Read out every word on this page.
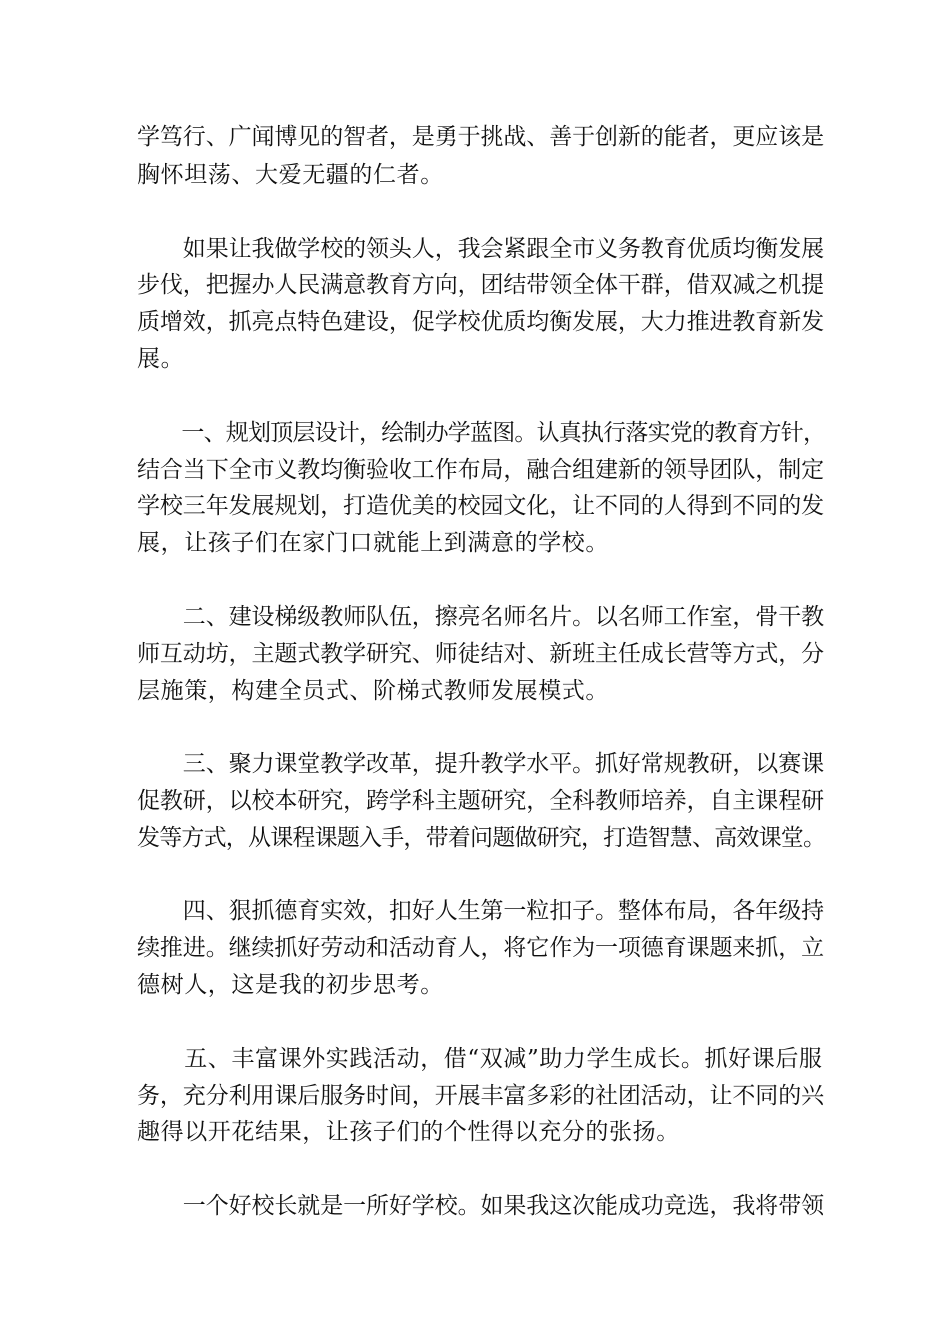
学笃行、广闻博见的智者，是勇于挑战、善于创新的能者，更应该是

胸怀坦荡、大爱无疆的仁者。

　　如果让我做学校的领头人，我会紧跟全市义务教育优质均衡发展

步伐，把握办人民满意教育方向，团结带领全体干群，借双减之机提

质增效，抓亮点特色建设，促学校优质均衡发展，大力推进教育新发

展。

　　一、规划顶层设计，绘制办学蓝图。认真执行落实党的教育方针，

结合当下全市义教均衡验收工作布局，融合组建新的领导团队，制定

学校三年发展规划，打造优美的校园文化，让不同的人得到不同的发

展，让孩子们在家门口就能上到满意的学校。

　　二、建设梯级教师队伍，擦亮名师名片。以名师工作室，骨干教

师互动坊，主题式教学研究、师徒结对、新班主任成长营等方式，分

层施策，构建全员式、阶梯式教师发展模式。

　　三、聚力课堂教学改革，提升教学水平。抓好常规教研，以赛课

促教研，以校本研究，跨学科主题研究，全科教师培养，自主课程研

发等方式，从课程课题入手，带着问题做研究，打造智慧、高效课堂。

　　四、狠抓德育实效，扣好人生第一粒扣子。整体布局，各年级持

续推进。继续抓好劳动和活动育人，将它作为一项德育课题来抓，立

德树人，这是我的初步思考。

　　五、丰富课外实践活动，借“双减”助力学生成长。抓好课后服

务，充分利用课后服务时间，开展丰富多彩的社团活动，让不同的兴

趣得以开花结果，让孩子们的个性得以充分的张扬。

　　一个好校长就是一所好学校。如果我这次能成功竞选，我将带领
